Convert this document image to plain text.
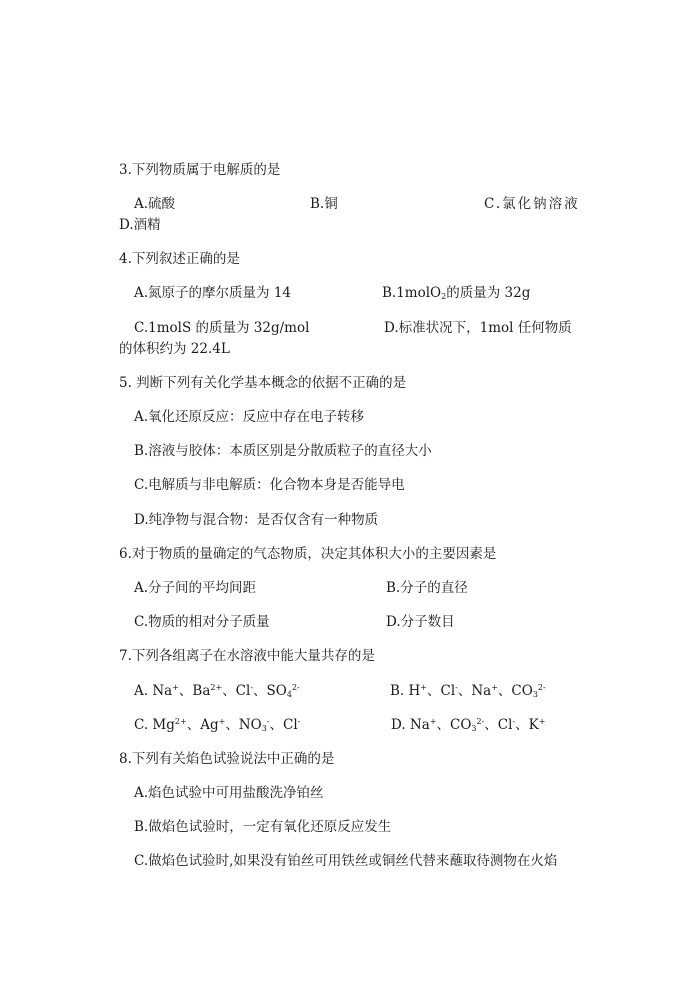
3.下列物质属于电解质的是
A.硫酸	B.铜	C.氯化钠溶液
D.酒精
4.下列叙述正确的是
A.氮原子的摩尔质量为 14	B.1molO$_2$的质量为 32g
C.1molS 的质量为 32g/mol	D.标准状况下，1mol 任何物质
的体积约为 22.4L
5. 判断下列有关化学基本概念的依据不正确的是
A.氧化还原反应：反应中存在电子转移
B.溶液与胶体：本质区别是分散质粒子的直径大小
C.电解质与非电解质：化合物本身是否能导电
D.纯净物与混合物：是否仅含有一种物质
6.对于物质的量确定的气态物质，决定其体积大小的主要因素是
A.分子间的平均间距	B.分子的直径
C.物质的相对分子质量	D.分子数目
7.下列各组离子在水溶液中能大量共存的是
A. Na+、$Ba^{2+}$、Cl-、$SO_4^{2-}$	B. H+、Cl-、Na+、$CO_3^{2-}$
C. $Mg^{2+}$、Ag+、$NO_3^-$、Cl-	D. Na+、$CO_3^{2-}$、Cl-、K+
8.下列有关焰色试验说法中正确的是
A.焰色试验中可用盐酸洗净铂丝
B.做焰色试验时，一定有氧化还原反应发生
C.做焰色试验时,如果没有铂丝可用铁丝或铜丝代替来蘸取待测物在火焰
